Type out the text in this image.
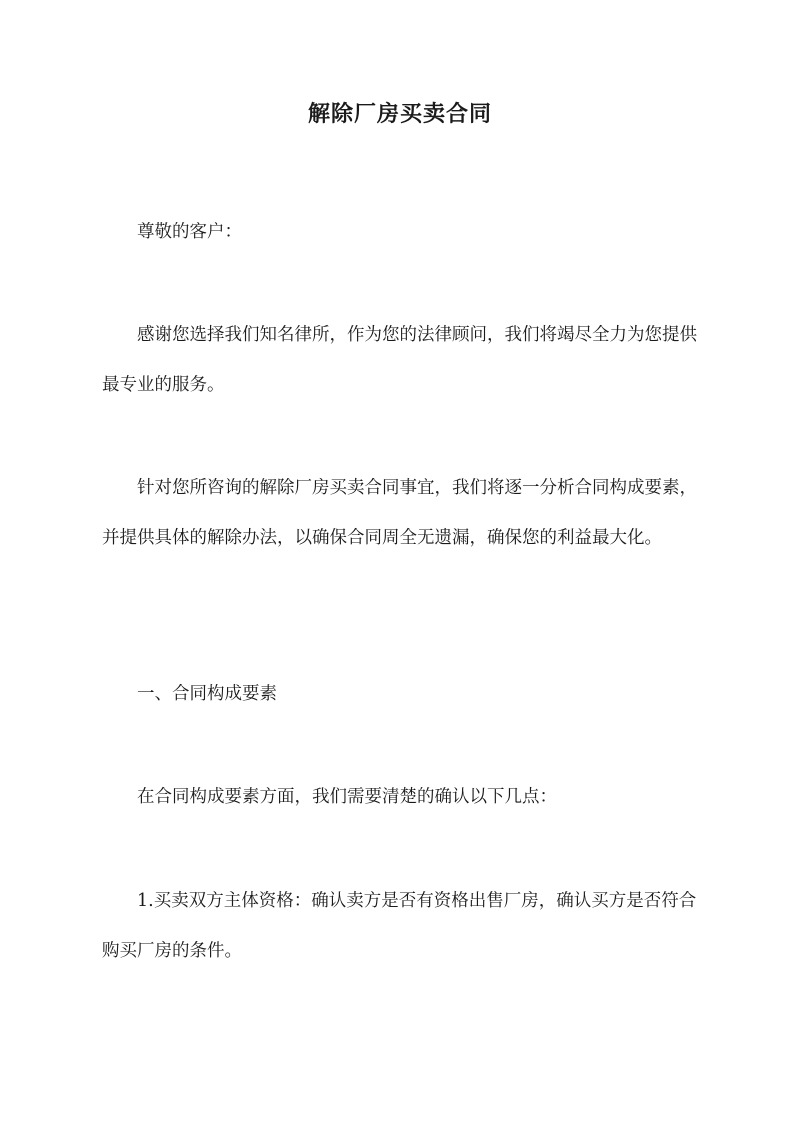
解除厂房买卖合同

尊敬的客户：

感谢您选择我们知名律所，作为您的法律顾问，我们将竭尽全力为您提供最专业的服务。

针对您所咨询的解除厂房买卖合同事宜，我们将逐一分析合同构成要素，并提供具体的解除办法，以确保合同周全无遗漏，确保您的利益最大化。

一、合同构成要素

在合同构成要素方面，我们需要清楚的确认以下几点：

1.买卖双方主体资格：确认卖方是否有资格出售厂房，确认买方是否符合购买厂房的条件。
